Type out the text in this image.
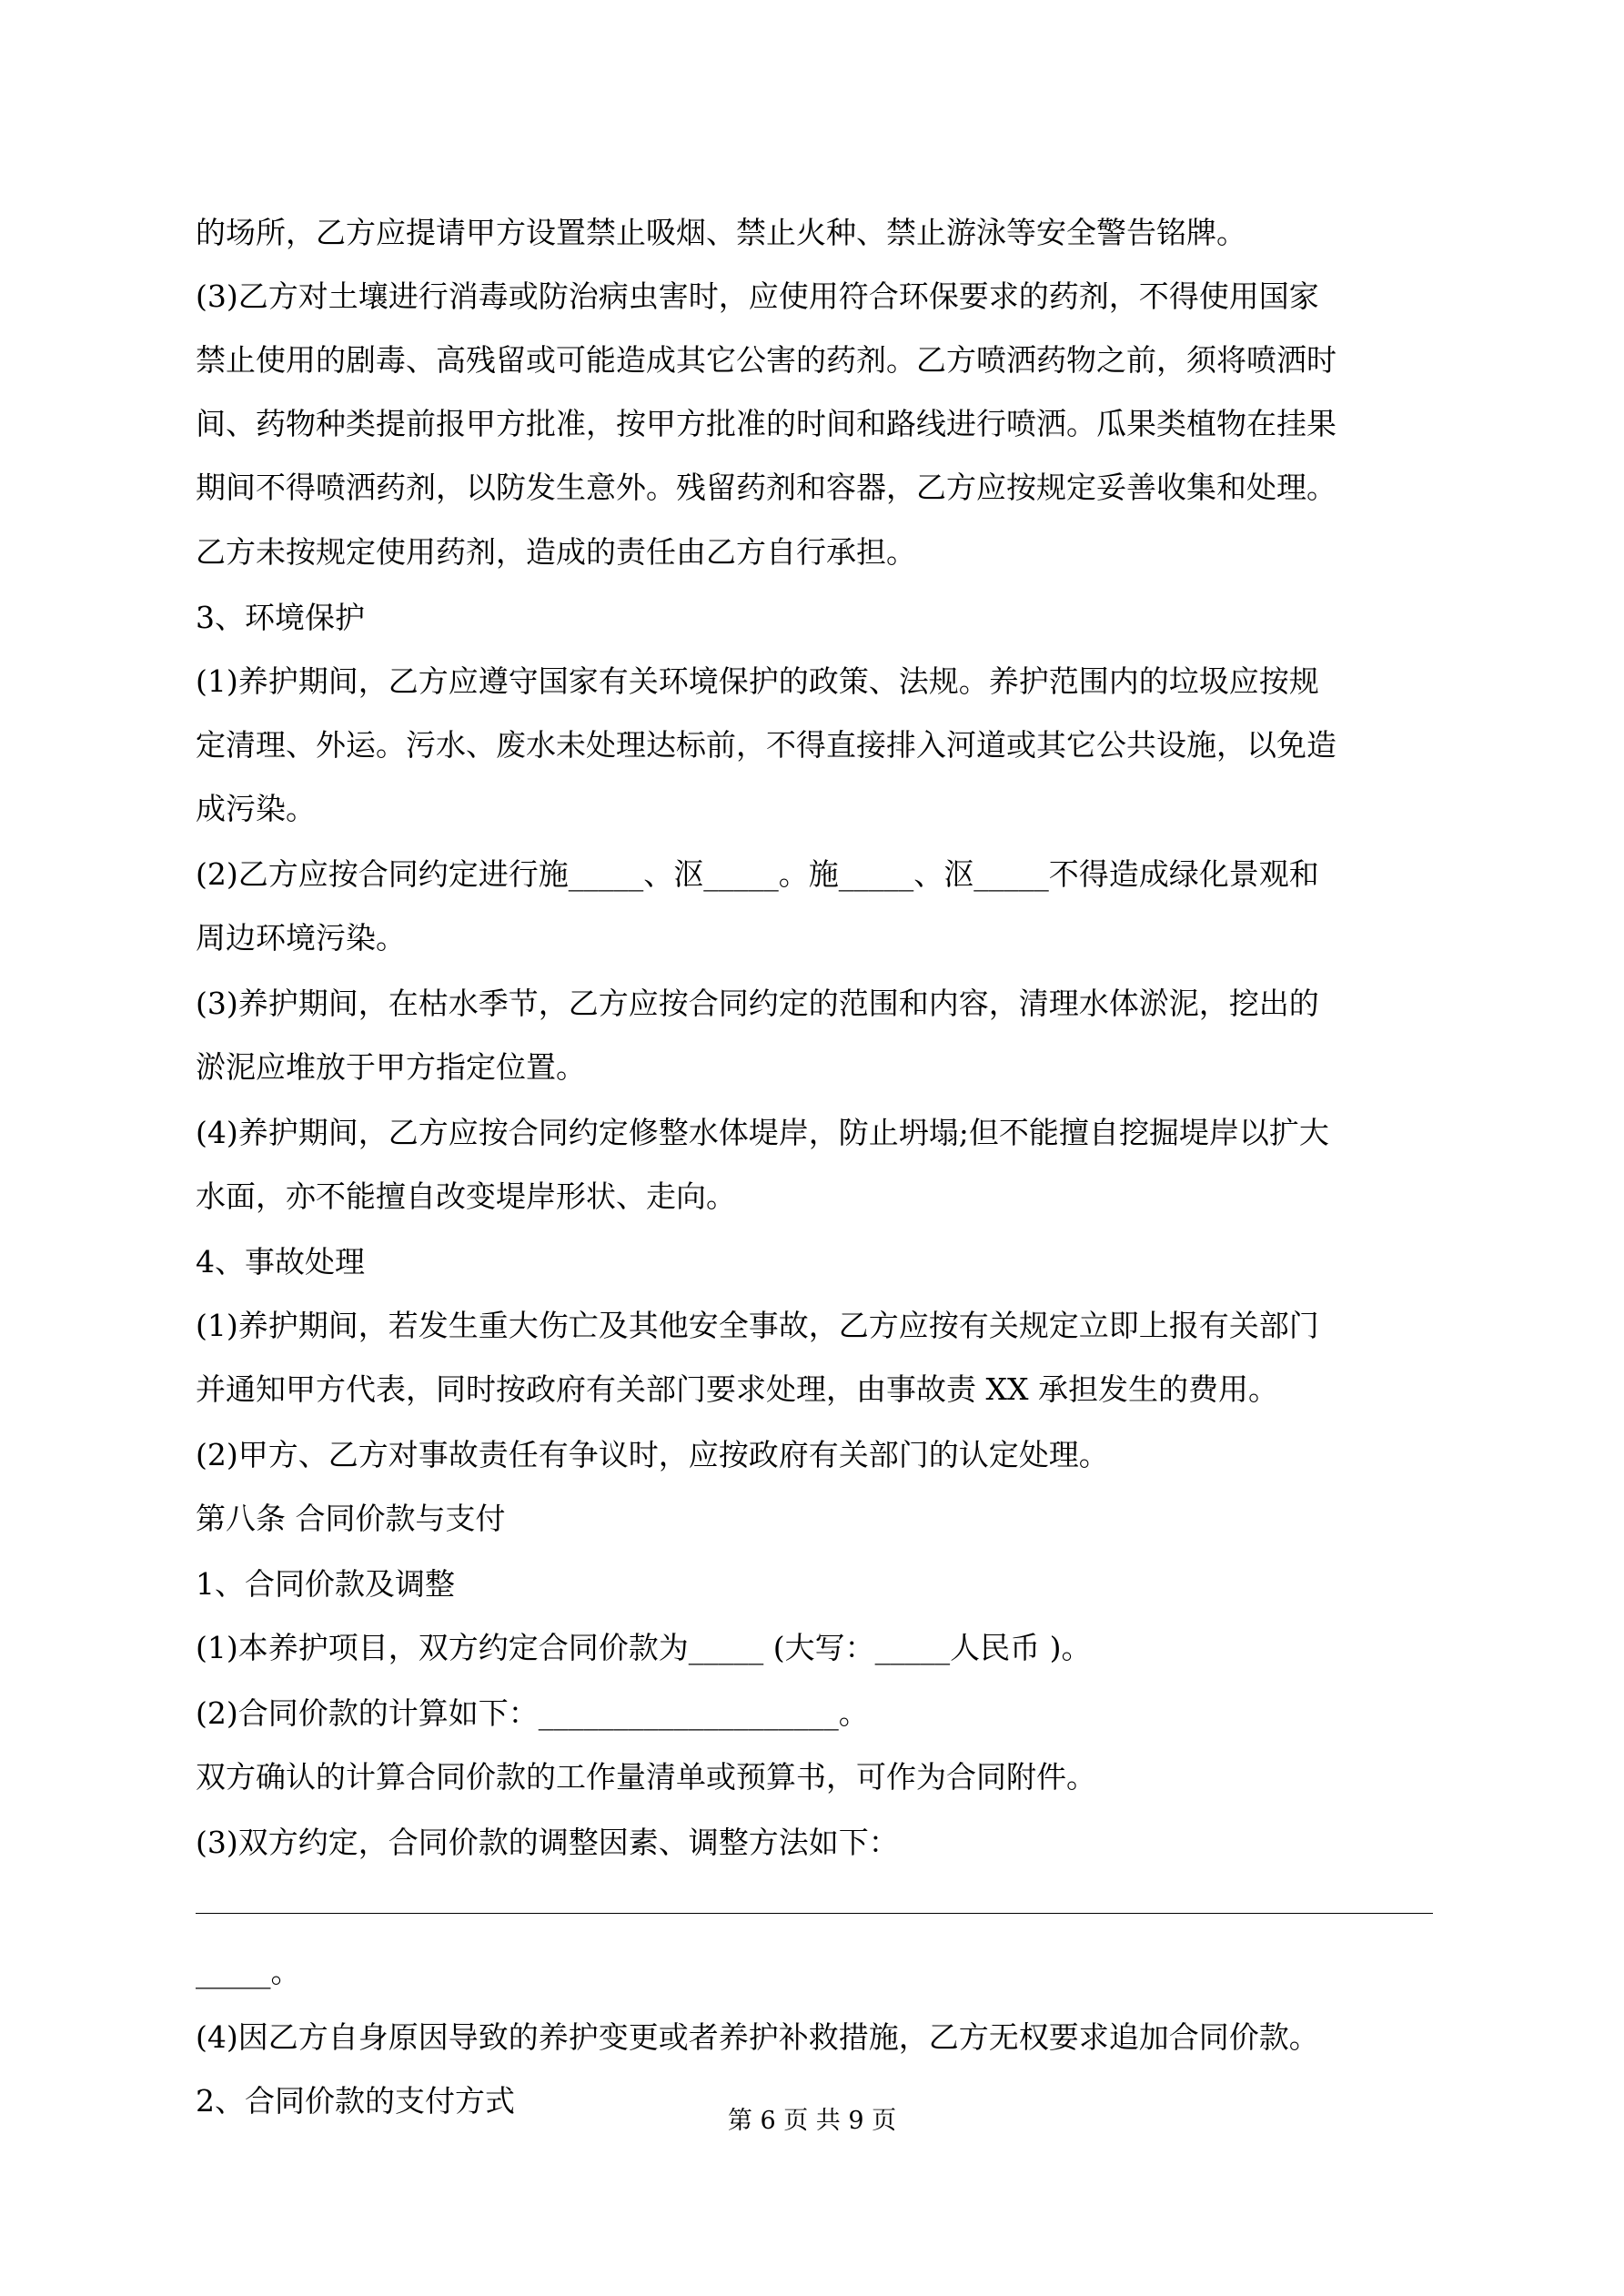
的场所，乙方应提请甲方设置禁止吸烟、禁止火种、禁止游泳等安全警告铭牌。
(3)乙方对土壤进行消毒或防治病虫害时，应使用符合环保要求的药剂，不得使用国家
禁止使用的剧毒、高残留或可能造成其它公害的药剂。乙方喷洒药物之前，须将喷洒时
间、药物种类提前报甲方批准，按甲方批准的时间和路线进行喷洒。瓜果类植物在挂果
期间不得喷洒药剂，以防发生意外。残留药剂和容器，乙方应按规定妥善收集和处理。
乙方未按规定使用药剂，造成的责任由乙方自行承担。
3、环境保护
(1)养护期间，乙方应遵守国家有关环境保护的政策、法规。养护范围内的垃圾应按规
定清理、外运。污水、废水未处理达标前，不得直接排入河道或其它公共设施，以免造
成污染。
(2)乙方应按合同约定进行施_____、沤_____。施_____、沤_____不得造成绿化景观和
周边环境污染。
(3)养护期间，在枯水季节，乙方应按合同约定的范围和内容，清理水体淤泥，挖出的
淤泥应堆放于甲方指定位置。
(4)养护期间，乙方应按合同约定修整水体堤岸，防止坍塌;但不能擅自挖掘堤岸以扩大
水面，亦不能擅自改变堤岸形状、走向。
4、事故处理
(1)养护期间，若发生重大伤亡及其他安全事故，乙方应按有关规定立即上报有关部门
并通知甲方代表，同时按政府有关部门要求处理，由事故责 XX 承担发生的费用。
(2)甲方、乙方对事故责任有争议时，应按政府有关部门的认定处理。
第八条 合同价款与支付
1、合同价款及调整
(1)本养护项目，双方约定合同价款为_____ (大写：_____人民币 )。
(2)合同价款的计算如下：____________________。
双方确认的计算合同价款的工作量清单或预算书，可作为合同附件。
(3)双方约定，合同价款的调整因素、调整方法如下：
_____。
(4)因乙方自身原因导致的养护变更或者养护补救措施，乙方无权要求追加合同价款。
2、合同价款的支付方式
第 6 页 共 9 页
